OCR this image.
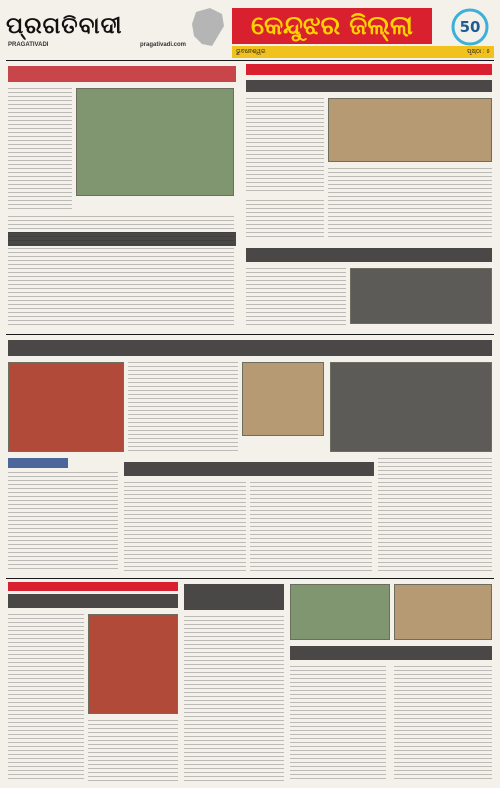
ପ୍ରଗତିବାଦୀ
PRAGATIVADI	pragativadi.com
କେନ୍ଦୁଝର ଜିଲ୍ଲା	50
ଭୁବନେଶ୍ୱର	ପୃଷ୍ଠା : ୫
